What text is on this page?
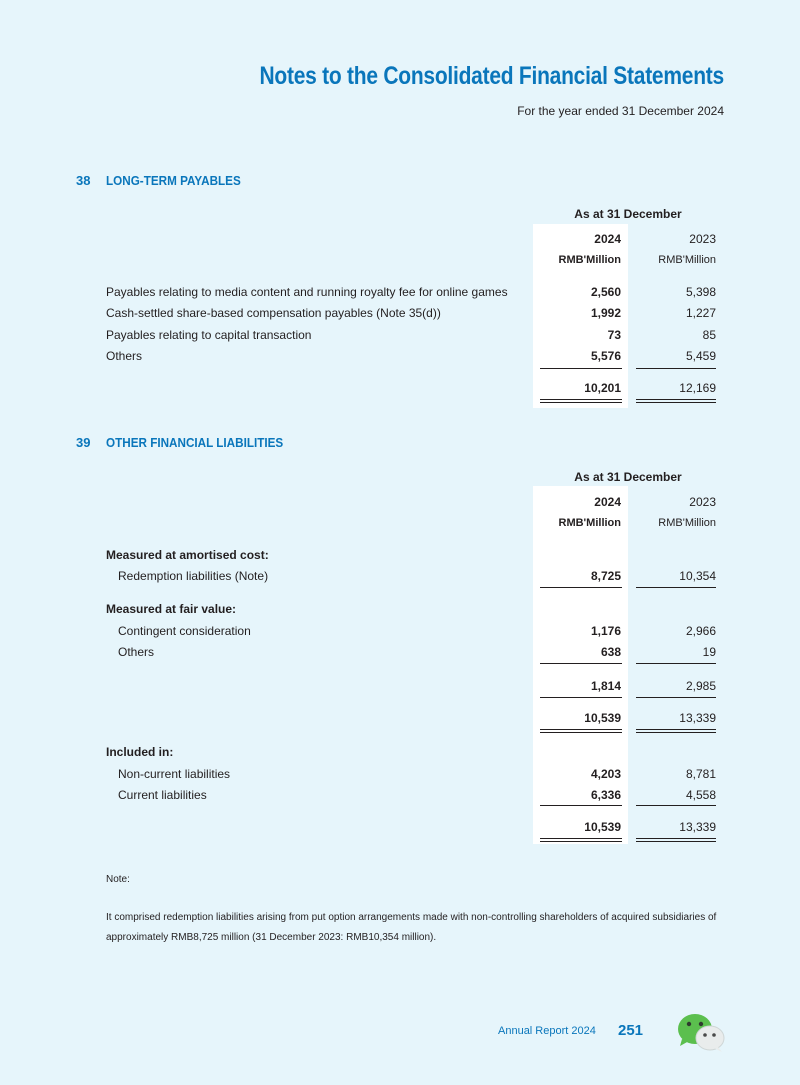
Notes to the Consolidated Financial Statements
For the year ended 31 December 2024
38 LONG-TERM PAYABLES
As at 31 December
2024	2023
RMB'Million	RMB'Million
Payables relating to media content and running royalty fee for online games	2,560	5,398
Cash-settled share-based compensation payables (Note 35(d))	1,992	1,227
Payables relating to capital transaction	73	85
Others	5,576	5,459
10,201	12,169
39 OTHER FINANCIAL LIABILITIES
As at 31 December
2024	2023
RMB'Million	RMB'Million
Measured at amortised cost:
Redemption liabilities (Note)	8,725	10,354
Measured at fair value:
Contingent consideration	1,176	2,966
Others	638	19
1,814	2,985
10,539	13,339
Included in:
Non-current liabilities	4,203	8,781
Current liabilities	6,336	4,558
10,539	13,339
Note:
It comprised redemption liabilities arising from put option arrangements made with non-controlling shareholders of acquired subsidiaries of approximately RMB8,725 million (31 December 2023: RMB10,354 million).
Annual Report 2024 251
